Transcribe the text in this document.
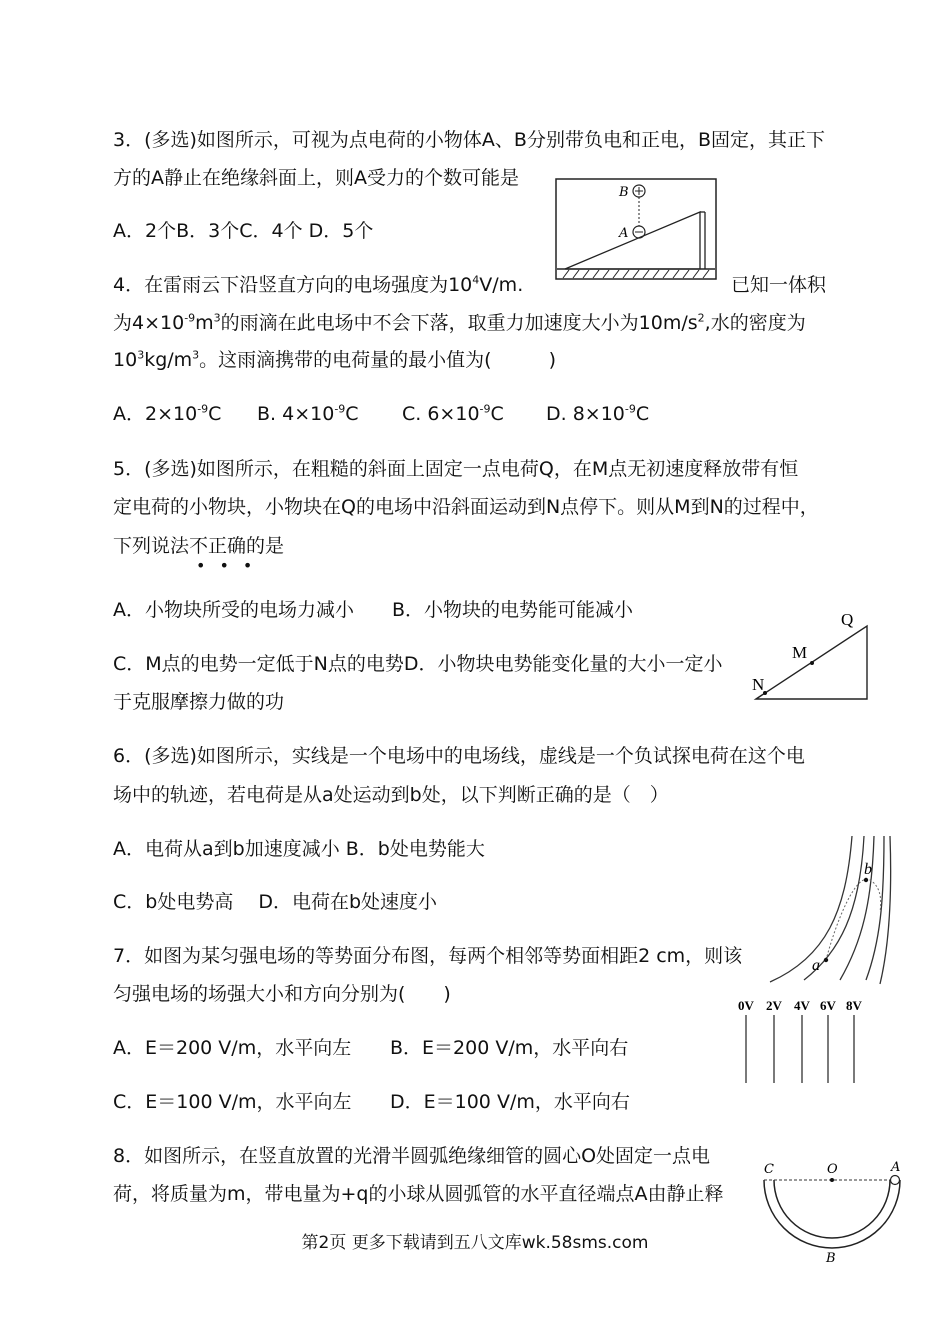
3．(多选)如图所示，可视为点电荷的小物体A、B分别带负电和正电，B固定，其正下
方的A静止在绝缘斜面上，则A受力的个数可能是
A．2个B．3个C．4个 D．5个
B
A
4．在雷雨云下沿竖直方向的电场强度为$10^4V/m$.	已知一体积
为$4\times 10^{-9}m^3$的雨滴在此电场中不会下落，取重力加速度大小为$10m/s^2$,水的密度为
$10^3kg/m^3$。这雨滴携带的电荷量的最小值为(　　　)
A．$2\times 10^{-9}C$ B. $4\times 10^{-9}C$ C. $6\times 10^{-9}C$ D. $8\times 10^{-9}C$
5．(多选)如图所示，在粗糙的斜面上固定一点电荷Q，在M点无初速度释放带有恒
定电荷的小物块，小物块在Q的电场中沿斜面运动到N点停下。则从M到N的过程中，
下列说法不正确的是
•••
A．小物块所受的电场力减小　　B．小物块的电势能可能减小
C．M点的电势一定低于N点的电势D．小物块电势能变化量的大小一定小
于克服摩擦力做的功
Q
M
N
6．(多选)如图所示，实线是一个电场中的电场线，虚线是一个负试探电荷在这个电
场中的轨迹，若电荷是从a处运动到b处，以下判断正确的是（　）
A．电荷从a到b加速度减小 B．b处电势能大
C．b处电势高　 D．电荷在b处速度小
a
b
7．如图为某匀强电场的等势面分布图，每两个相邻等势面相距2 cm，则该
匀强电场的场强大小和方向分别为(　　)
A．E＝200 V/m，水平向左 B．E＝200 V/m，水平向右
C．E＝100 V/m，水平向左 D．E＝100 V/m，水平向右
0V 2V 4V 6V 8V
8．如图所示，在竖直放置的光滑半圆弧绝缘细管的圆心O处固定一点电
荷，将质量为m，带电量为+q的小球从圆弧管的水平直径端点A由静止释
C	O	A
B
第2页 更多下载请到五八文库wk.58sms.com
